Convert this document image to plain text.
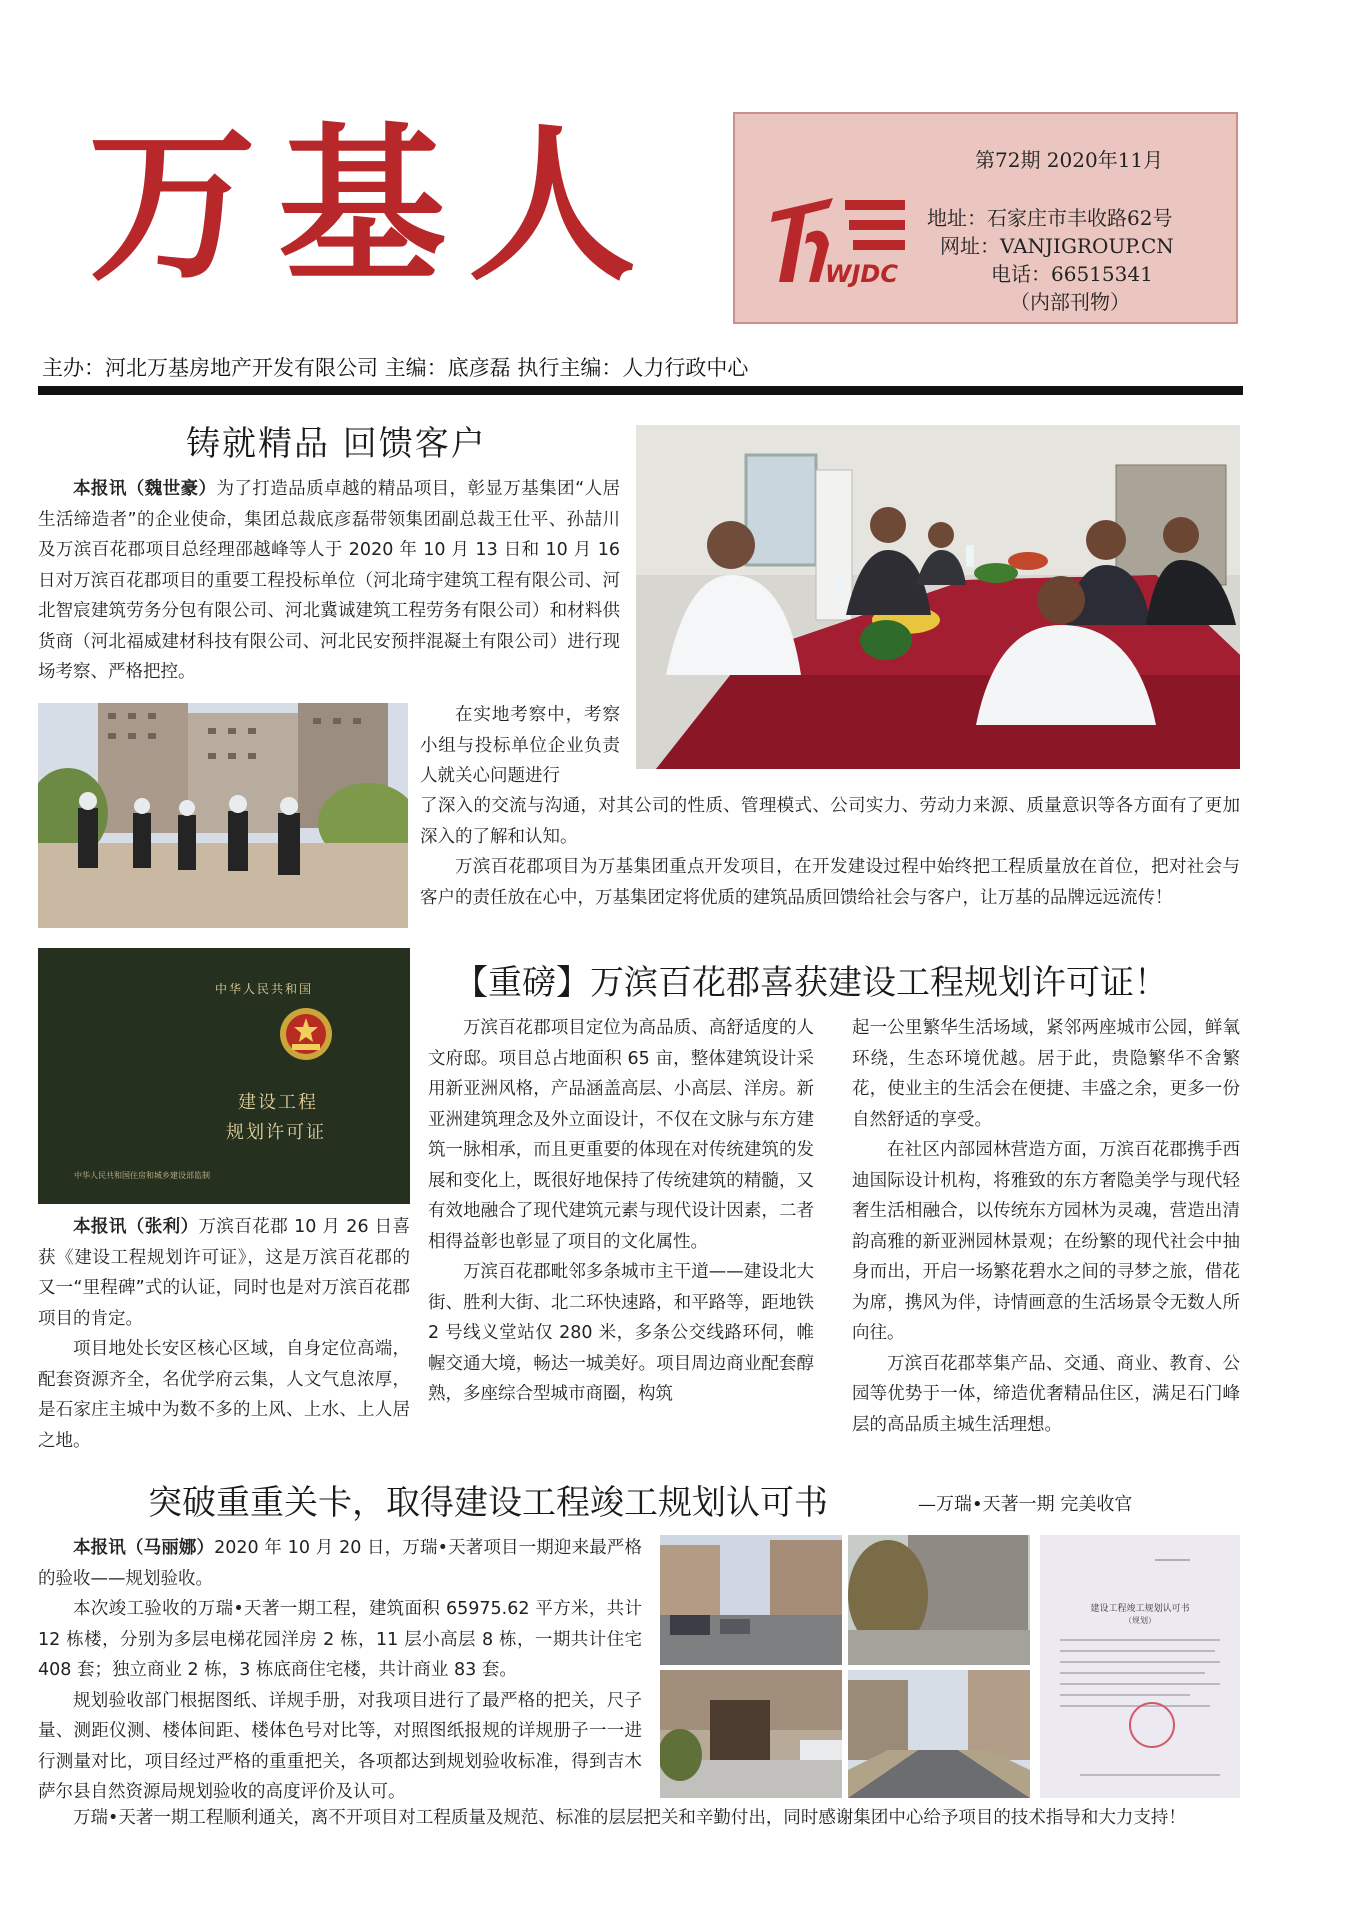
万基人	WJDC
第72期 2020年11月
地址：石家庄市丰收路62号
网址：VANJIGROUP.CN
电话：66515341
（内部刊物）
主办：河北万基房地产开发有限公司 主编：底彦磊 执行主编：人力行政中心
铸就精品 回馈客户

本报讯（魏世豪）为了打造品质卓越的精品项目，彰显万基集团“人居生活缔造者”的企业使命，集团总裁底彦磊带领集团副总裁王仕平、孙喆川及万滨百花郡项目总经理邵越峰等人于 2020 年 10 月 13 日和 10 月 16 日对万滨百花郡项目的重要工程投标单位（河北琦宇建筑工程有限公司、河北智宸建筑劳务分包有限公司、河北冀诚建筑工程劳务有限公司）和材料供货商（河北福威建材科技有限公司、河北民安预拌混凝土有限公司）进行现场考察、严格把控。

在实地考察中，考察小组与投标单位企业负责人就关心问题进行

了深入的交流与沟通，对其公司的性质、管理模式、公司实力、劳动力来源、质量意识等各方面有了更加深入的了解和认知。

万滨百花郡项目为万基集团重点开发项目，在开发建设过程中始终把工程质量放在首位，把对社会与客户的责任放在心中，万基集团定将优质的建筑品质回馈给社会与客户，让万基的品牌远远流传！

中华人民共和国
建设工程
规划许可证
中华人民共和国住房和城乡建设部监制
【重磅】万滨百花郡喜获建设工程规划许可证！

本报讯（张利）万滨百花郡 10 月 26 日喜获《建设工程规划许可证》，这是万滨百花郡的又一“里程碑”式的认证，同时也是对万滨百花郡项目的肯定。

项目地处长安区核心区域，自身定位高端，配套资源齐全，名优学府云集，人文气息浓厚，是石家庄主城中为数不多的上风、上水、上人居之地。

万滨百花郡项目定位为高品质、高舒适度的人文府邸。项目总占地面积 65 亩，整体建筑设计采用新亚洲风格，产品涵盖高层、小高层、洋房。新亚洲建筑理念及外立面设计，不仅在文脉与东方建筑一脉相承，而且更重要的体现在对传统建筑的发展和变化上，既很好地保持了传统建筑的精髓，又有效地融合了现代建筑元素与现代设计因素，二者相得益彰也彰显了项目的文化属性。

万滨百花郡毗邻多条城市主干道——建设北大街、胜利大街、北二环快速路，和平路等，距地铁 2 号线义堂站仅 280 米，多条公交线路环伺，帷幄交通大境，畅达一城美好。项目周边商业配套醇熟，多座综合型城市商圈，构筑

起一公里繁华生活场域，紧邻两座城市公园，鲜氧环绕，生态环境优越。居于此，贵隐繁华不舍繁花，使业主的生活会在便捷、丰盛之余，更多一份自然舒适的享受。

在社区内部园林营造方面，万滨百花郡携手西迪国际设计机构，将雅致的东方奢隐美学与现代轻奢生活相融合，以传统东方园林为灵魂，营造出清韵高雅的新亚洲园林景观；在纷繁的现代社会中抽身而出，开启一场繁花碧水之间的寻梦之旅，借花为席，携风为伴，诗情画意的生活场景令无数人所向往。

万滨百花郡萃集产品、交通、商业、教育、公园等优势于一体，缔造优奢精品住区，满足石门峰层的高品质主城生活理想。

突破重重关卡，取得建设工程竣工规划认可书	—万瑞•天著一期 完美收官

本报讯（马丽娜）2020 年 10 月 20 日，万瑞•天著项目一期迎来最严格的验收——规划验收。

本次竣工验收的万瑞•天著一期工程，建筑面积 65975.62 平方米，共计 12 栋楼，分别为多层电梯花园洋房 2 栋，11 层小高层 8 栋，一期共计住宅 408 套；独立商业 2 栋，3 栋底商住宅楼，共计商业 83 套。

规划验收部门根据图纸、详规手册，对我项目进行了最严格的把关，尺子量、测距仪测、楼体间距、楼体色号对比等，对照图纸报规的详规册子一一进行测量对比，项目经过严格的重重把关，各项都达到规划验收标准，得到吉木萨尔县自然资源局规划验收的高度评价及认可。

建设工程竣工规划认可书
（规划）

万瑞•天著一期工程顺利通关，离不开项目对工程质量及规范、标准的层层把关和辛勤付出，同时感谢集团中心给予项目的技术指导和大力支持！
